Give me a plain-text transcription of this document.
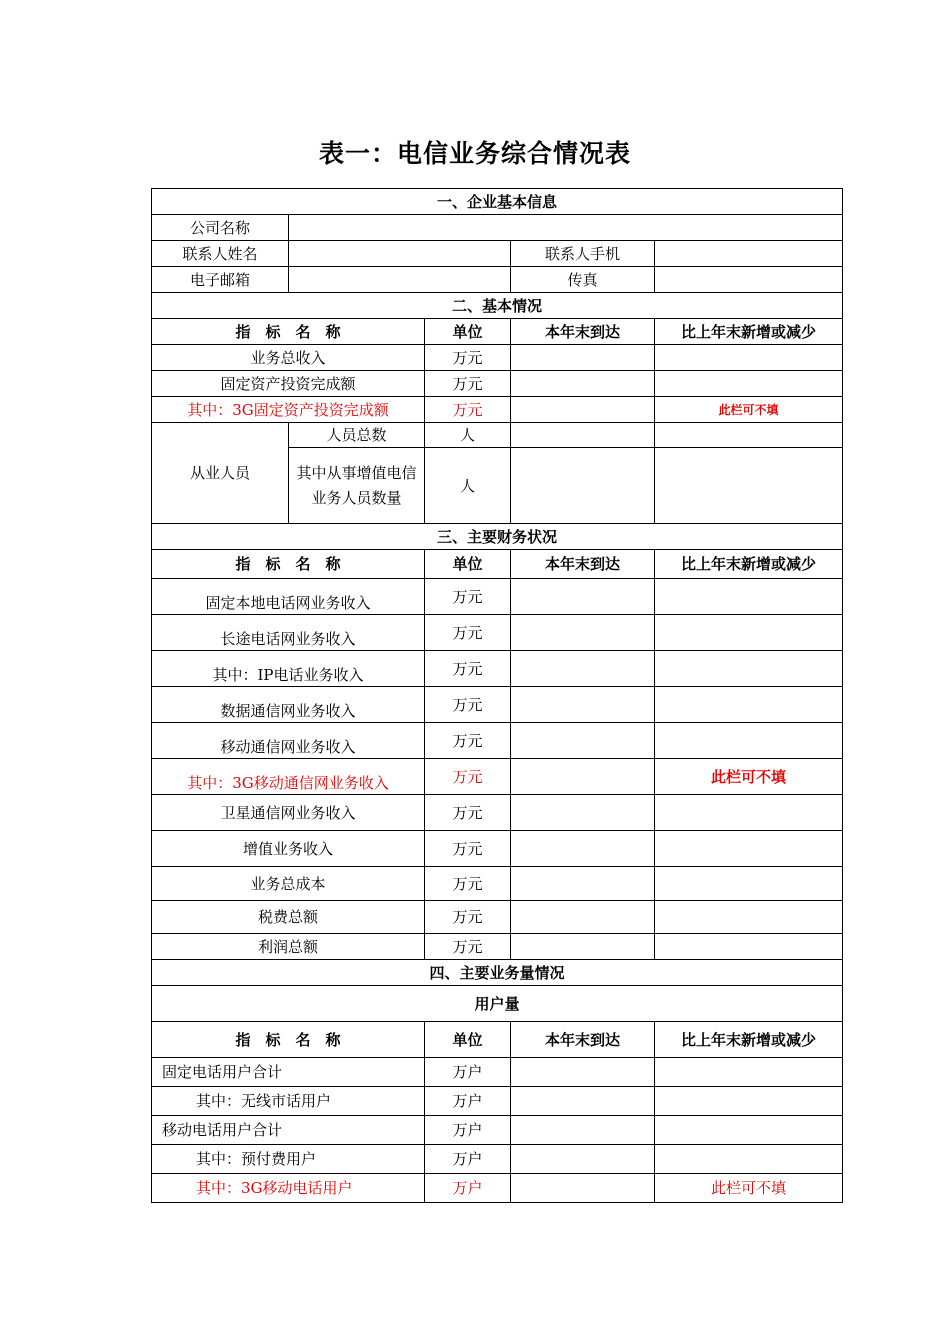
表一：电信业务综合情况表
一、企业基本信息				
公司名称				
联系人姓名			联系人手机	
电子邮箱			传真	
二、基本情况				
指　标　名　称		单位	本年末到达	比上年末新增或减少
业务总收入		万元		
固定资产投资完成额		万元		
其中：3G固定资产投资完成额		万元		此栏可不填
从业人员	人员总数	人		
	其中从事增值电信业务人员数量	人		
三、主要财务状况				
指　标　名　称		单位	本年末到达	比上年末新增或减少
固定本地电话网业务收入		万元		
长途电话网业务收入		万元		
其中：IP电话业务收入		万元		
数据通信网业务收入		万元		
移动通信网业务收入		万元		
其中：3G移动通信网业务收入		万元		此栏可不填
卫星通信网业务收入		万元		
增值业务收入		万元		
业务总成本		万元		
税费总额		万元		
利润总额		万元		
四、主要业务量情况				
用户量				
指　标　名　称		单位	本年末到达	比上年末新增或减少
固定电话用户合计		万户		
其中：无线市话用户		万户		
移动电话用户合计		万户		
其中：预付费用户		万户		
其中：3G移动电话用户		万户		此栏可不填
